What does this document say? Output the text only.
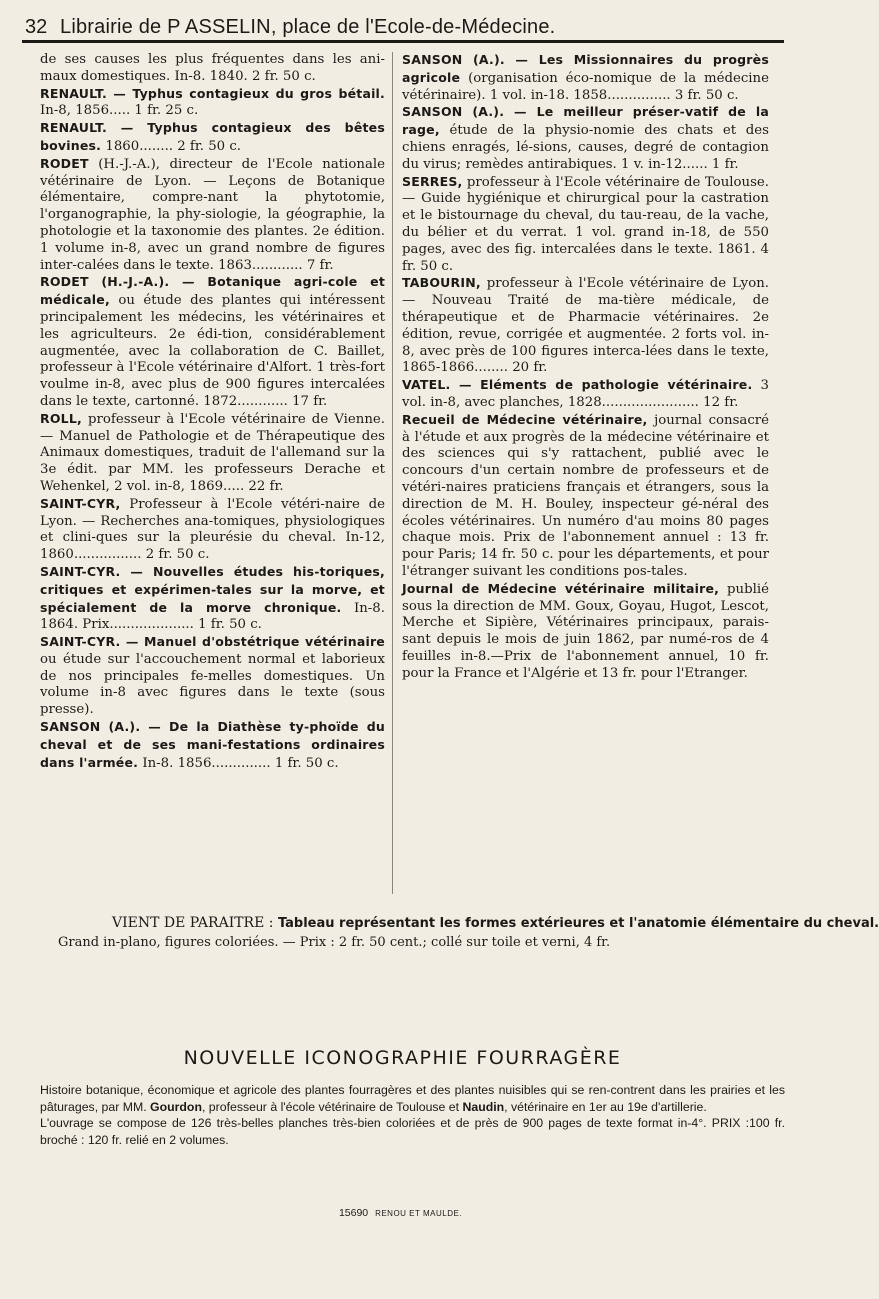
32 Librairie de P ASSELIN, place de l'Ecole-de-Médecine.

de ses causes les plus fréquentes dans les ani-maux domestiques. In-8. 1840. 2 fr. 50 c.

RENAULT. — Typhus contagieux du gros bétail. In-8, 1856..... 1 fr. 25 c.

RENAULT. — Typhus contagieux des bêtes bovines. 1860........ 2 fr. 50 c.

RODET (H.-J.-A.), directeur de l'Ecole nationale vétérinaire de Lyon. — Leçons de Botanique élémentaire, compre-nant la phytotomie, l'organographie, la phy-siologie, la géographie, la photologie et la taxonomie des plantes. 2e édition. 1 volume in-8, avec un grand nombre de figures inter-calées dans le texte. 1863............ 7 fr.

RODET (H.-J.-A.). — Botanique agri-cole et médicale, ou étude des plantes qui intéressent principalement les médecins, les vétérinaires et les agriculteurs. 2e édi-tion, considérablement augmentée, avec la collaboration de C. Baillet, professeur à l'Ecole vétérinaire d'Alfort. 1 très-fort voulme in-8, avec plus de 900 figures intercalées dans le texte, cartonné. 1872............ 17 fr.

ROLL, professeur à l'Ecole vétérinaire de Vienne. — Manuel de Pathologie et de Thérapeutique des Animaux domestiques, traduit de l'allemand sur la 3e édit. par MM. les professeurs Derache et Wehenkel, 2 vol. in-8, 1869..... 22 fr.

SAINT-CYR, Professeur à l'Ecole vétéri-naire de Lyon. — Recherches ana-tomiques, physiologiques et clini-ques sur la pleurésie du cheval. In-12, 1860................ 2 fr. 50 c.

SAINT-CYR. — Nouvelles études his-toriques, critiques et expérimen-tales sur la morve, et spécialement de la morve chronique. In-8. 1864. Prix.................... 1 fr. 50 c.

SAINT-CYR. — Manuel d'obstétrique vétérinaire ou étude sur l'accouchement normal et laborieux de nos principales fe-melles domestiques. Un volume in-8 avec figures dans le texte (sous presse).

SANSON (A.). — De la Diathèse ty-phoïde du cheval et de ses mani-festations ordinaires dans l'armée. In-8. 1856.............. 1 fr. 50 c.

SANSON (A.). — Les Missionnaires du progrès agricole (organisation éco-nomique de la médecine vétérinaire). 1 vol. in-18. 1858............... 3 fr. 50 c.

SANSON (A.). — Le meilleur préser-vatif de la rage, étude de la physio-nomie des chats et des chiens enragés, lé-sions, causes, degré de contagion du virus; remèdes antirabiques. 1 v. in-12...... 1 fr.

SERRES, professeur à l'Ecole vétérinaire de Toulouse. — Guide hygiénique et chirurgical pour la castration et le bistournage du cheval, du tau-reau, de la vache, du bélier et du verrat. 1 vol. grand in-18, de 550 pages, avec des fig. intercalées dans le texte. 1861. 4 fr. 50 c.

TABOURIN, professeur à l'Ecole vétérinaire de Lyon. — Nouveau Traité de ma-tière médicale, de thérapeutique et de Pharmacie vétérinaires. 2e édition, revue, corrigée et augmentée. 2 forts vol. in-8, avec près de 100 figures interca-lées dans le texte, 1865-1866........ 20 fr.

VATEL. — Eléments de pathologie vétérinaire. 3 vol. in-8, avec planches, 1828....................... 12 fr.

Recueil de Médecine vétérinaire, journal consacré à l'étude et aux progrès de la médecine vétérinaire et des sciences qui s'y rattachent, publié avec le concours d'un certain nombre de professeurs et de vétéri-naires praticiens français et étrangers, sous la direction de M. H. Bouley, inspecteur gé-néral des écoles vétérinaires. Un numéro d'au moins 80 pages chaque mois. Prix de l'abonnement annuel : 13 fr. pour Paris; 14 fr. 50 c. pour les départements, et pour l'étranger suivant les conditions pos-tales.

Journal de Médecine vétérinaire militaire, publié sous la direction de MM. Goux, Goyau, Hugot, Lescot, Merche et Sipière, Vétérinaires principaux, parais-sant depuis le mois de juin 1862, par numé-ros de 4 feuilles in-8.—Prix de l'abonnement annuel, 10 fr. pour la France et l'Algérie et 13 fr. pour l'Etranger.

VIENT DE PARAITRE : Tableau représentant les formes extérieures et l'anatomie élémentaire du cheval.
Grand in-plano, figures coloriées. — Prix : 2 fr. 50 cent.; collé sur toile et verni, 4 fr.
NOUVELLE ICONOGRAPHIE FOURRAGÈRE

Histoire botanique, économique et agricole des plantes fourragères et des plantes nuisibles qui se ren-contrent dans les prairies et les pâturages, par MM. Gourdon, professeur à l'école vétérinaire de Toulouse et Naudin, vétérinaire en 1er au 19e d'artillerie.

L'ouvrage se compose de 126 très-belles planches très-bien coloriées et de près de 900 pages de texte format in-4°. PRIX :100 fr. broché : 120 fr. relié en 2 volumes.

15690 RENOU ET MAULDE.
